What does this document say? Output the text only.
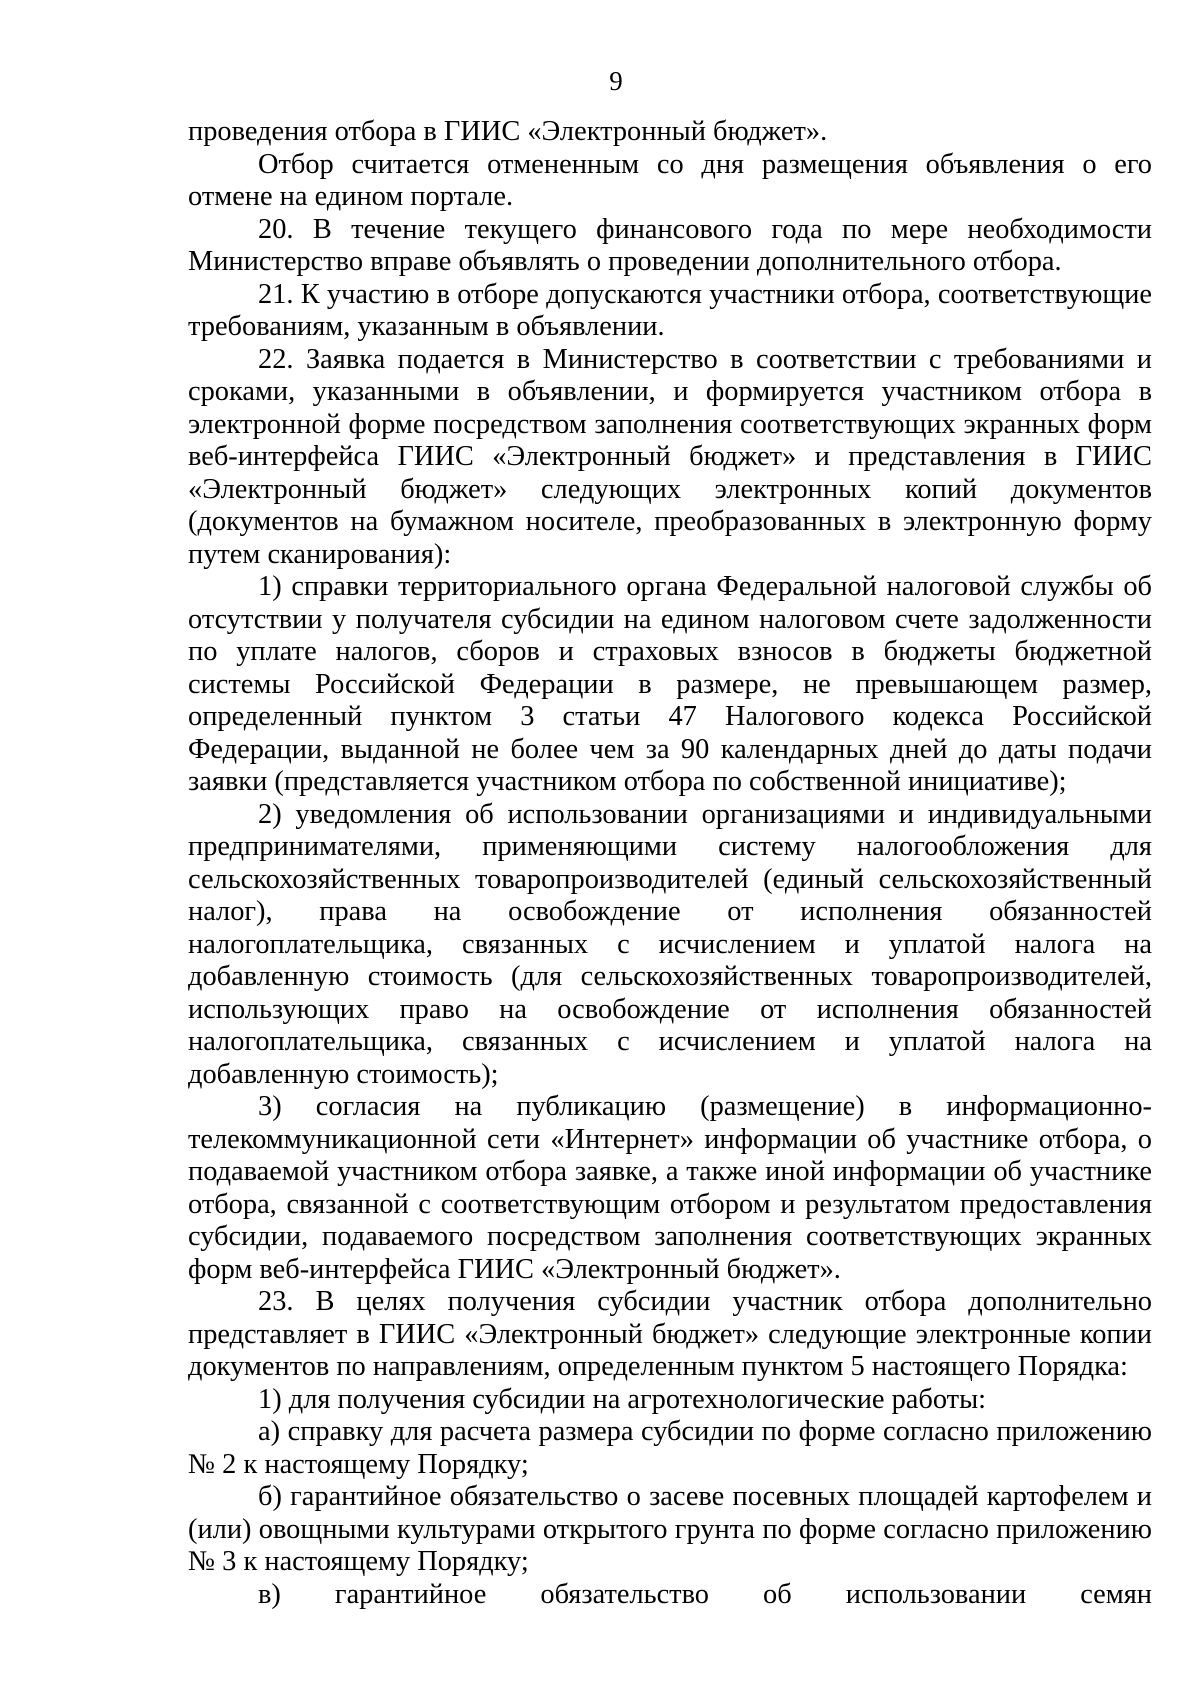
9

проведения отбора в ГИИС «Электронный бюджет».

Отбор считается отмененным со дня размещения объявления о его отмене на едином портале.

20. В течение текущего финансового года по мере необходимости Министерство вправе объявлять о проведении дополнительного отбора.

21. К участию в отборе допускаются участники отбора, соответствующие требованиям, указанным в объявлении.

22. Заявка подается в Министерство в соответствии с требованиями и сроками, указанными в объявлении, и формируется участником отбора в электронной форме посредством заполнения соответствующих экранных форм веб-интерфейса ГИИС «Электронный бюджет» и представления в ГИИС «Электронный бюджет» следующих электронных копий документов (документов на бумажном носителе, преобразованных в электронную форму путем сканирования):

1) справки территориального органа Федеральной налоговой службы об отсутствии у получателя субсидии на едином налоговом счете задолженности по уплате налогов, сборов и страховых взносов в бюджеты бюджетной системы Российской Федерации в размере, не превышающем размер, определенный пунктом 3 статьи 47 Налогового кодекса Российской Федерации, выданной не более чем за 90 календарных дней до даты подачи заявки (представляется участником отбора по собственной инициативе);

2) уведомления об использовании организациями и индивидуальными предпринимателями, применяющими систему налогообложения для сельскохозяйственных товаропроизводителей (единый сельскохозяйственный налог), права на освобождение от исполнения обязанностей налогоплательщика, связанных с исчислением и уплатой налога на добавленную стоимость (для сельскохозяйственных товаропроизводителей, использующих право на освобождение от исполнения обязанностей налогоплательщика, связанных с исчислением и уплатой налога на добавленную стоимость);

3) согласия на публикацию (размещение) в информационно-телекоммуникационной сети «Интернет» информации об участнике отбора, о подаваемой участником отбора заявке, а также иной информации об участнике отбора, связанной с соответствующим отбором и результатом предоставления субсидии, подаваемого посредством заполнения соответствующих экранных форм веб-интерфейса ГИИС «Электронный бюджет».

23. В целях получения субсидии участник отбора дополнительно представляет в ГИИС «Электронный бюджет» следующие электронные копии документов по направлениям, определенным пунктом 5 настоящего Порядка:

1) для получения субсидии на агротехнологические работы:

а) справку для расчета размера субсидии по форме согласно приложению № 2 к настоящему Порядку;

б) гарантийное обязательство о засеве посевных площадей картофелем и (или) овощными культурами открытого грунта по форме согласно приложению № 3 к настоящему Порядку;

в) гарантийное обязательство об использовании семян
